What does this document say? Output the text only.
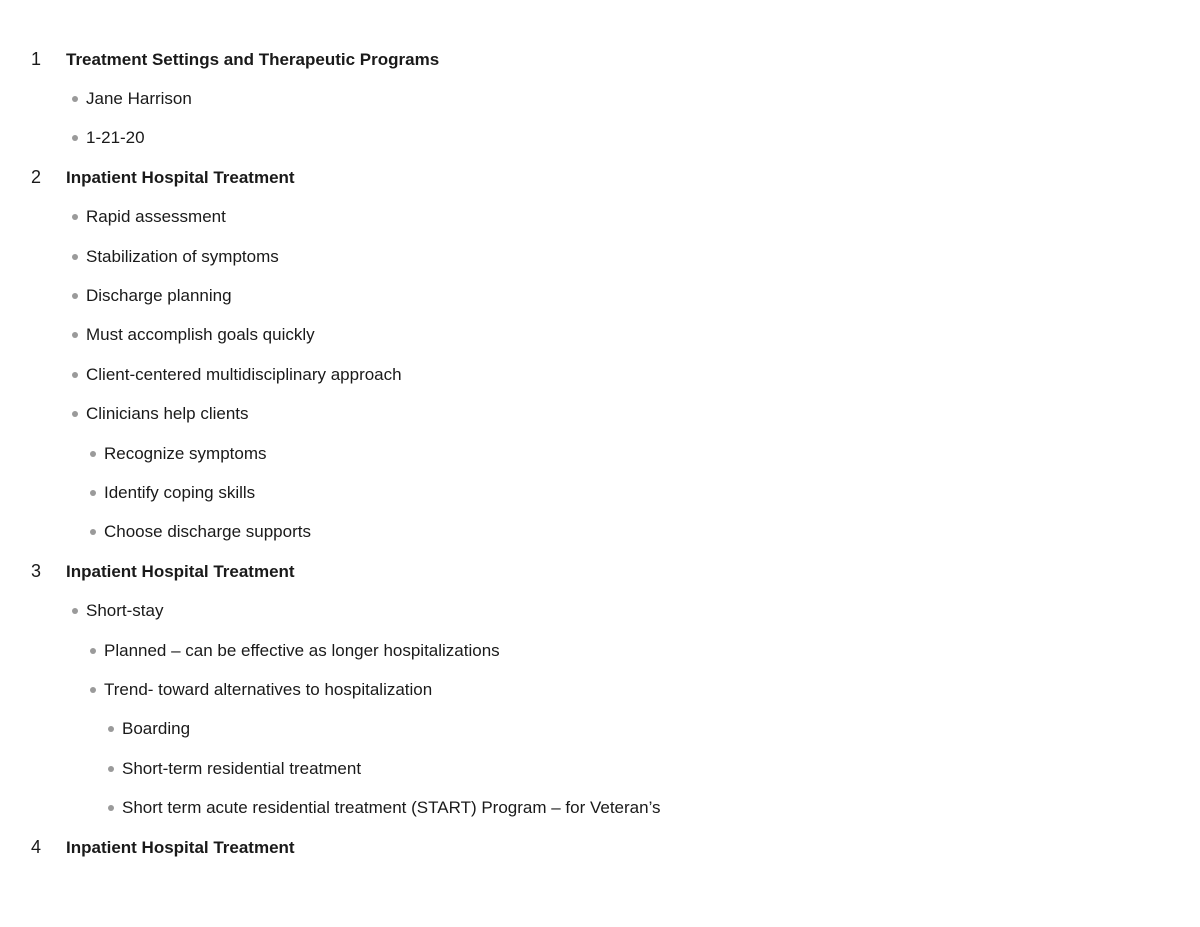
1	Treatment Settings and Therapeutic Programs
Jane Harrison
1-21-20
2	Inpatient Hospital Treatment
Rapid assessment
Stabilization of symptoms
Discharge planning
Must accomplish goals quickly
Client-centered multidisciplinary approach
Clinicians help clients
Recognize symptoms
Identify coping skills
Choose discharge supports
3	Inpatient Hospital Treatment
Short-stay
Planned – can be effective as longer hospitalizations
Trend- toward alternatives to hospitalization
Boarding
Short-term residential treatment
Short term acute residential treatment (START) Program – for Veteran’s
4	Inpatient Hospital Treatment
